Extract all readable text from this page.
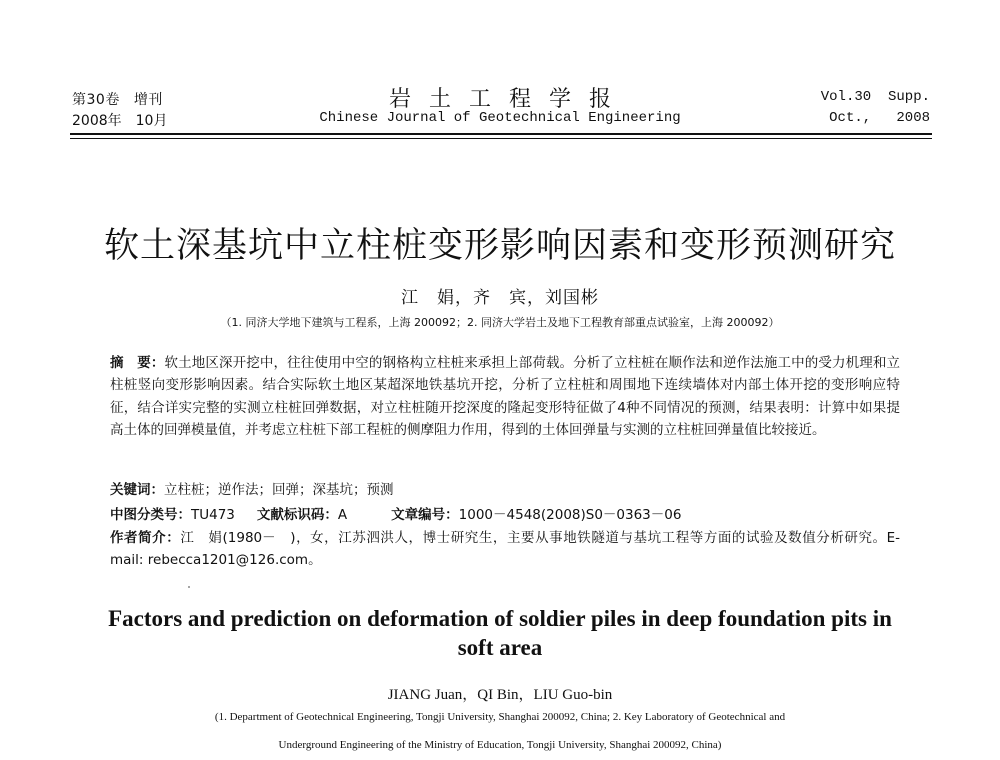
第30卷 增刊
2008年 10月
岩土工程学报
Chinese Journal of Geotechnical Engineering
Vol.30 Supp.
Oct., 2008
软土深基坑中立柱桩变形影响因素和变形预测研究
江　娟，齐　宾，刘国彬
（1. 同济大学地下建筑与工程系，上海 200092；2. 同济大学岩土及地下工程教育部重点试验室，上海 200092）
摘　要：软土地区深开挖中，往往使用中空的钢格构立柱桩来承担上部荷载。分析了立柱桩在顺作法和逆作法施工中的受力机理和立柱桩竖向变形影响因素。结合实际软土地区某超深地铁基坑开挖，分析了立柱桩和周围地下连续墙体对内部土体开挖的变形响应特征，结合详实完整的实测立柱桩回弹数据，对立柱桩随开挖深度的隆起变形特征做了4种不同情况的预测，结果表明：计算中如果提高土体的回弹模量值，并考虑立柱桩下部工程桩的侧摩阻力作用，得到的土体回弹量与实测的立柱桩回弹量值比较接近。
关键词：立柱桩；逆作法；回弹；深基坑；预测
中图分类号：TU473 文献标识码：A	文章编号：1000－4548(2008)S0－0363－06
作者简介：江　娟(1980－　)，女，江苏泗洪人，博士研究生，主要从事地铁隧道与基坑工程等方面的试验及数值分析研究。E-mail: rebecca1201@126.com。
Factors and prediction on deformation of soldier piles in deep foundation pits in soft area
JIANG Juan，QI Bin，LIU Guo-bin
(1. Department of Geotechnical Engineering, Tongji University, Shanghai 200092, China; 2. Key Laboratory of Geotechnical and
Underground Engineering of the Ministry of Education, Tongji University, Shanghai 200092, China)
